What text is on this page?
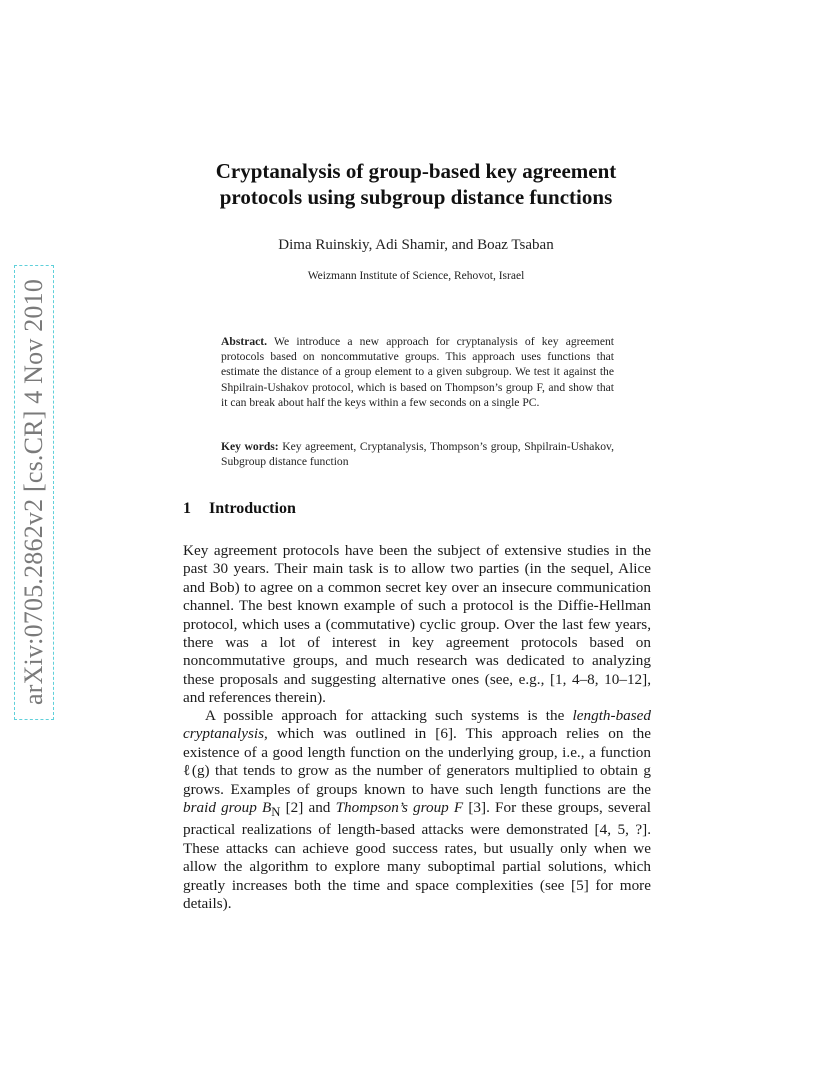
arXiv:0705.2862v2 [cs.CR] 4 Nov 2010
Cryptanalysis of group-based key agreement
protocols using subgroup distance functions
Dima Ruinskiy, Adi Shamir, and Boaz Tsaban
Weizmann Institute of Science, Rehovot, Israel
Abstract. We introduce a new approach for cryptanalysis of key agreement protocols based on noncommutative groups. This approach uses functions that estimate the distance of a group element to a given subgroup. We test it against the Shpilrain-Ushakov protocol, which is based on Thompson’s group F, and show that it can break about half the keys within a few seconds on a single PC.
Key words: Key agreement, Cryptanalysis, Thompson’s group, Shpilrain-Ushakov, Subgroup distance function
1 Introduction
Key agreement protocols have been the subject of extensive studies in the past 30 years. Their main task is to allow two parties (in the sequel, Alice and Bob) to agree on a common secret key over an insecure communication channel. The best known example of such a protocol is the Diffie-Hellman protocol, which uses a (commutative) cyclic group. Over the last few years, there was a lot of interest in key agreement protocols based on noncommutative groups, and much research was dedicated to analyzing these proposals and suggesting alternative ones (see, e.g., [1, 4–8, 10–12], and references therein).
A possible approach for attacking such systems is the length-based cryptanalysis, which was outlined in [6]. This approach relies on the existence of a good length function on the underlying group, i.e., a function ℓ(g) that tends to grow as the number of generators multiplied to obtain g grows. Examples of groups known to have such length functions are the braid group $B_N$ [2] and Thompson’s group F [3]. For these groups, several practical realizations of length-based attacks were demonstrated [4, 5, ?]. These attacks can achieve good success rates, but usually only when we allow the algorithm to explore many suboptimal partial solutions, which greatly increases both the time and space complexities (see [5] for more details).
